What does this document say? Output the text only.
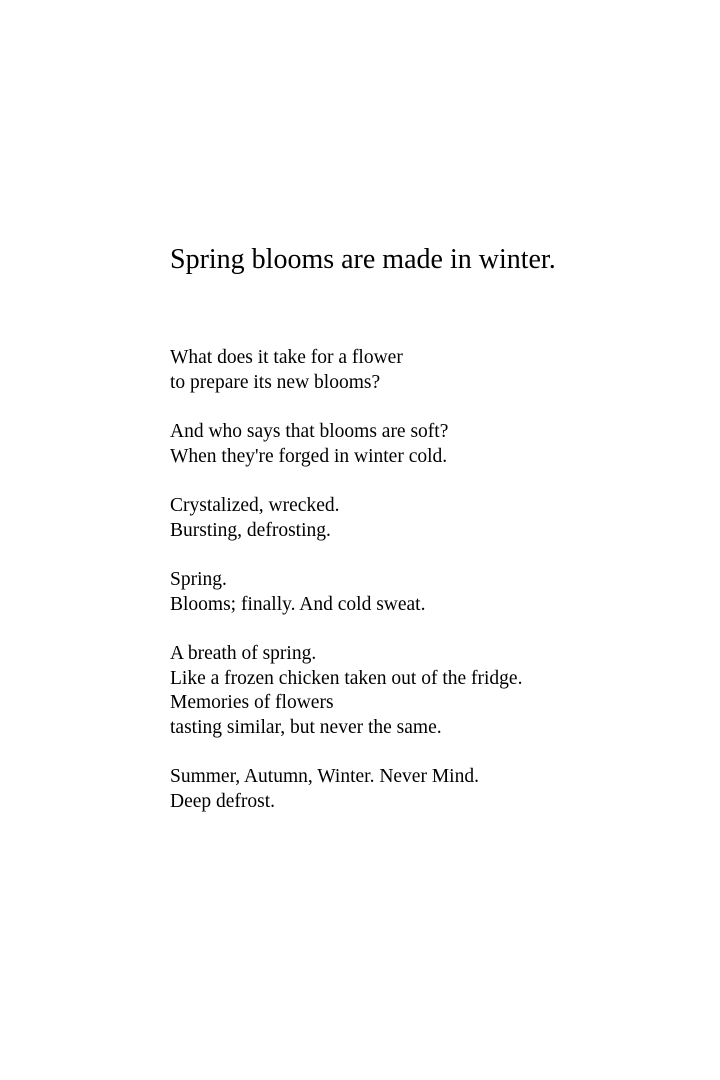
Spring blooms are made in winter.
What does it take for a flower
to prepare its new blooms?
And who says that blooms are soft?
When they're forged in winter cold.
Crystalized, wrecked.
Bursting, defrosting.
Spring.
Blooms; finally. And cold sweat.
A breath of spring.
Like a frozen chicken taken out of the fridge.
Memories of flowers
tasting similar, but never the same.
Summer, Autumn, Winter. Never Mind.
Deep defrost.
